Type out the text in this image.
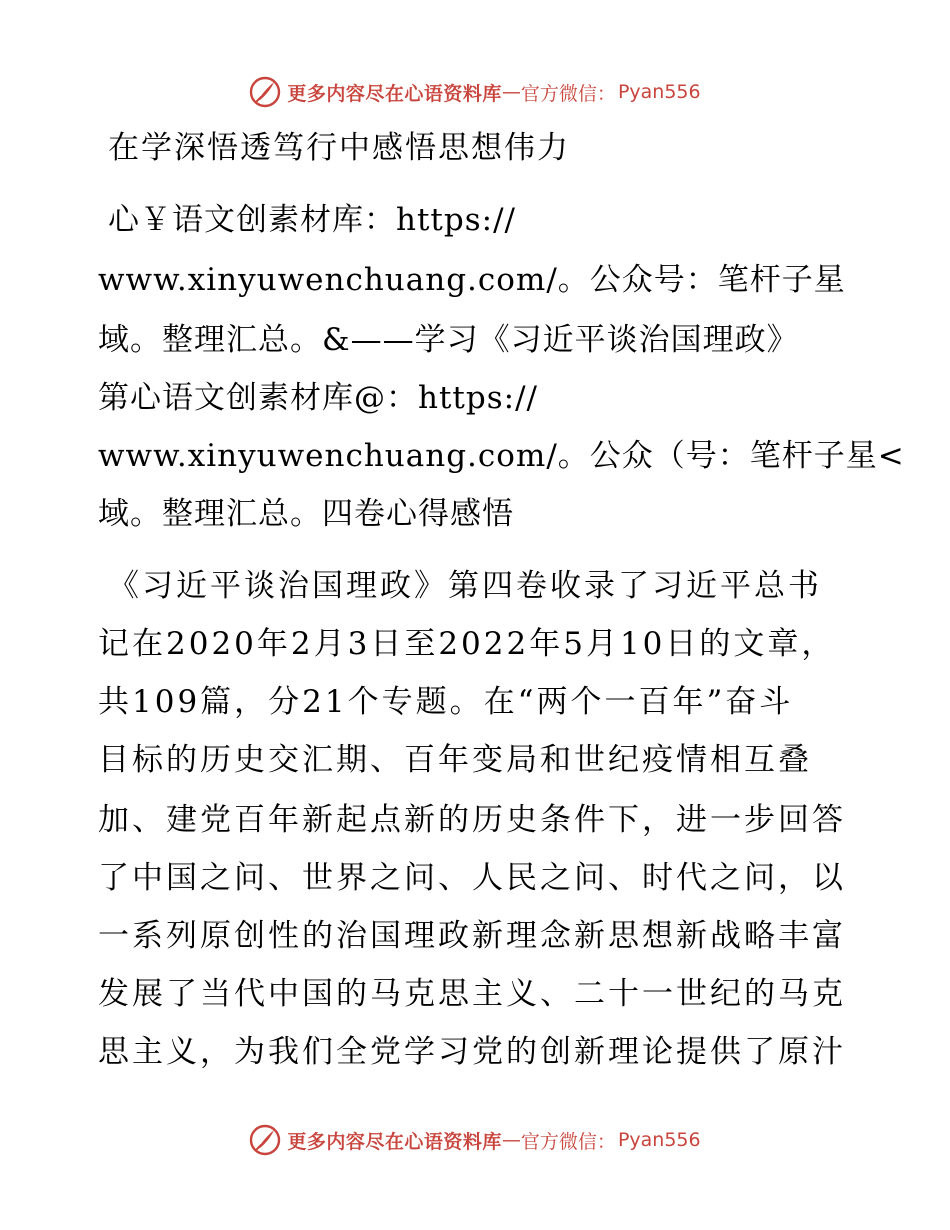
更多内容尽在心语资料库 — 官方微信： Pyan556
在学深悟透笃行中感悟思想伟力
心￥语文创素材库：https://
www.xinyuwenchuang.com/。公众号：笔杆子星
域。整理汇总。&——学习《习近平谈治国理政》
第心语文创素材库@：https://
www.xinyuwenchuang.com/。公众（号：笔杆子星<
域。整理汇总。四卷心得感悟
《习近平谈治国理政》第四卷收录了习近平总书
记在2020年2月3日至2022年5月10日的文章，
共109篇，分21个专题。在“两个一百年”奋斗
目标的历史交汇期、百年变局和世纪疫情相互叠
加、建党百年新起点新的历史条件下，进一步回答
了中国之问、世界之问、人民之问、时代之问，以
一系列原创性的治国理政新理念新思想新战略丰富
发展了当代中国的马克思主义、二十一世纪的马克
思主义，为我们全党学习党的创新理论提供了原汁
更多内容尽在心语资料库 — 官方微信： Pyan556
